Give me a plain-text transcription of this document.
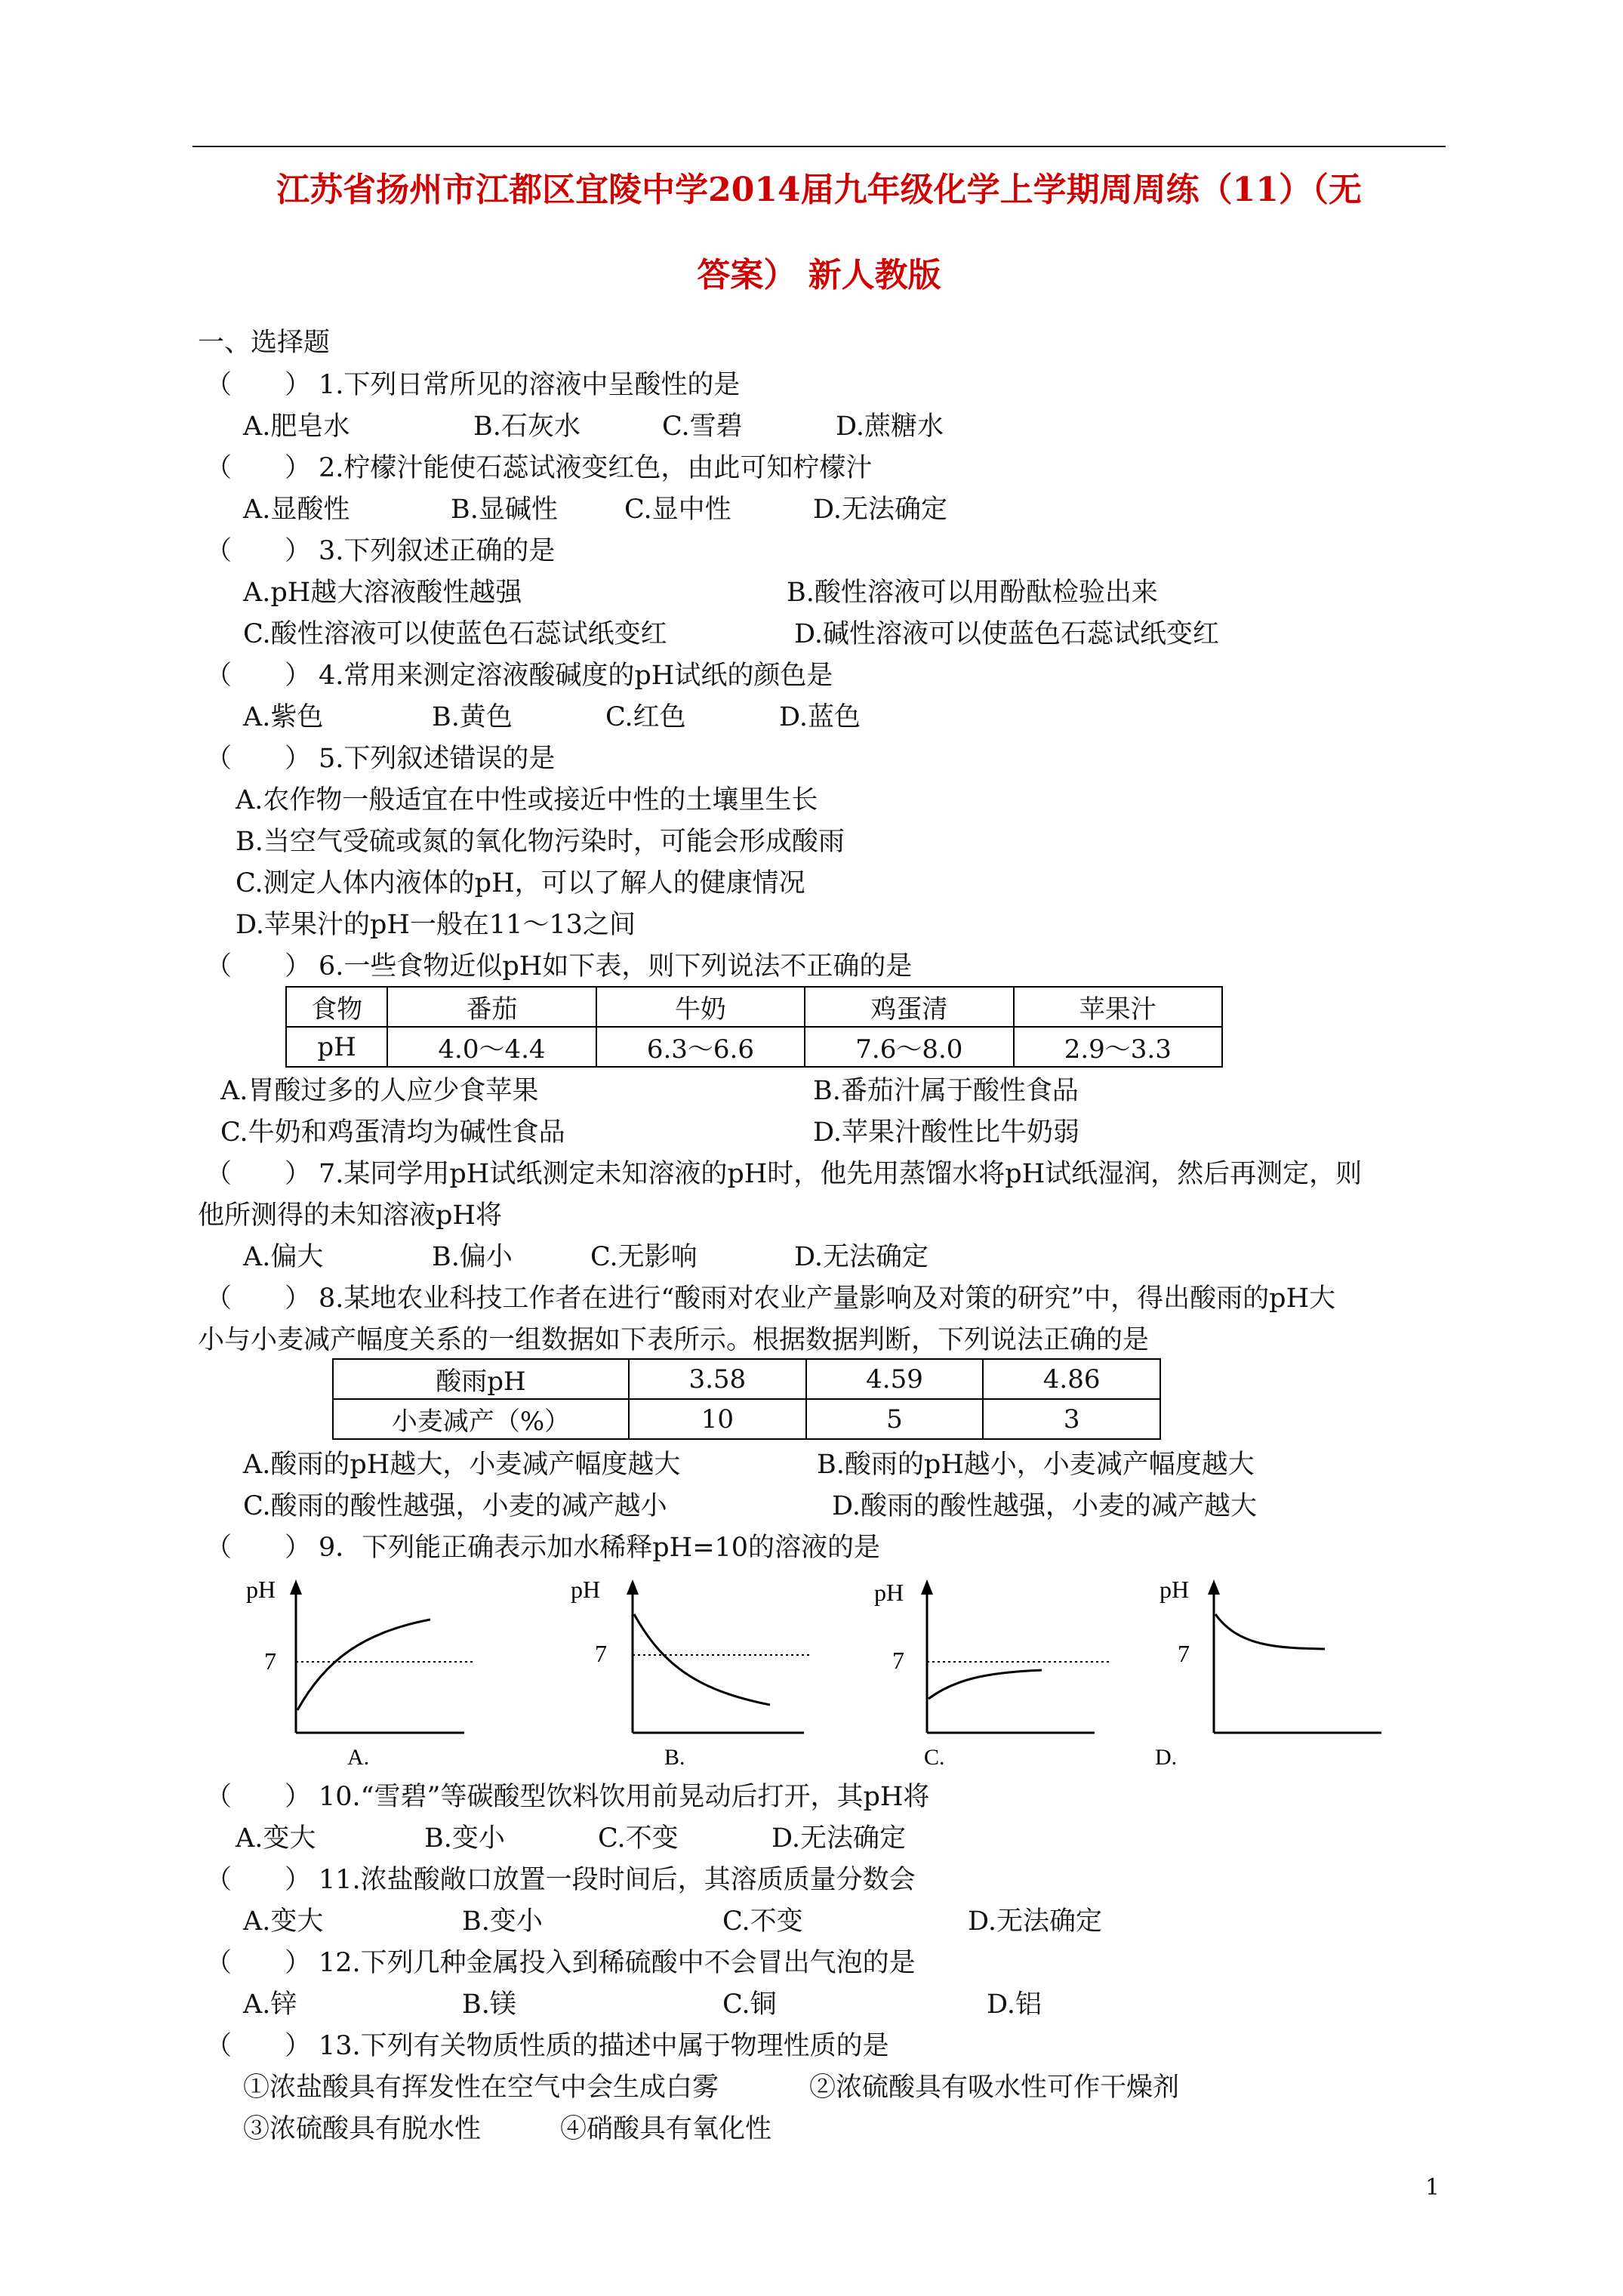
江苏省扬州市江都区宜陵中学2014届九年级化学上学期周周练（11）（无
答案） 新人教版
一、选择题
（　　） 1.下列日常所见的溶液中呈酸性的是
A.肥皂水	B.石灰水	C.雪碧	D.蔗糖水
（　　） 2.柠檬汁能使石蕊试液变红色，由此可知柠檬汁
A.显酸性	B.显碱性	C.显中性	D.无法确定
（　　） 3.下列叙述正确的是
A.pH越大溶液酸性越强	B.酸性溶液可以用酚酞检验出来
C.酸性溶液可以使蓝色石蕊试纸变红	D.碱性溶液可以使蓝色石蕊试纸变红
（　　） 4.常用来测定溶液酸碱度的pH试纸的颜色是
A.紫色	B.黄色	C.红色	D.蓝色
（　　） 5.下列叙述错误的是
A.农作物一般适宜在中性或接近中性的土壤里生长
B.当空气受硫或氮的氧化物污染时，可能会形成酸雨
C.测定人体内液体的pH，可以了解人的健康情况
D.苹果汁的pH一般在11～13之间
（　　） 6.一些食物近似pH如下表，则下列说法不正确的是
食物	番茄	牛奶	鸡蛋清	苹果汁
pH	4.0～4.4	6.3～6.6	7.6～8.0	2.9～3.3
A.胃酸过多的人应少食苹果	B.番茄汁属于酸性食品
C.牛奶和鸡蛋清均为碱性食品	D.苹果汁酸性比牛奶弱
（　　） 7.某同学用pH试纸测定未知溶液的pH时，他先用蒸馏水将pH试纸湿润，然后再测定，则
他所测得的未知溶液pH将
A.偏大	B.偏小	C.无影响	D.无法确定
（　　） 8.某地农业科技工作者在进行“酸雨对农业产量影响及对策的研究”中，得出酸雨的pH大
小与小麦减产幅度关系的一组数据如下表所示。根据数据判断，下列说法正确的是
酸雨pH	3.58	4.59	4.86
小麦减产（%）	10	5	3
A.酸雨的pH越大，小麦减产幅度越大	B.酸雨的pH越小，小麦减产幅度越大
C.酸雨的酸性越强，小麦的减产越小	D.酸雨的酸性越强，小麦的减产越大
（　　） 9．下列能正确表示加水稀释pH=10的溶液的是
pH
7
A.
pH
7
B.
pH
7
C.
pH
7
D.
（　　） 10.“雪碧”等碳酸型饮料饮用前晃动后打开，其pH将
A.变大	B.变小	C.不变	D.无法确定
（　　） 11.浓盐酸敞口放置一段时间后，其溶质质量分数会
A.变大	B.变小	C.不变	D.无法确定
（　　） 12.下列几种金属投入到稀硫酸中不会冒出气泡的是
A.锌	B.镁	C.铜	D.铝
（　　） 13.下列有关物质性质的描述中属于物理性质的是
①浓盐酸具有挥发性在空气中会生成白雾	②浓硫酸具有吸水性可作干燥剂
③浓硫酸具有脱水性	④硝酸具有氧化性
1
